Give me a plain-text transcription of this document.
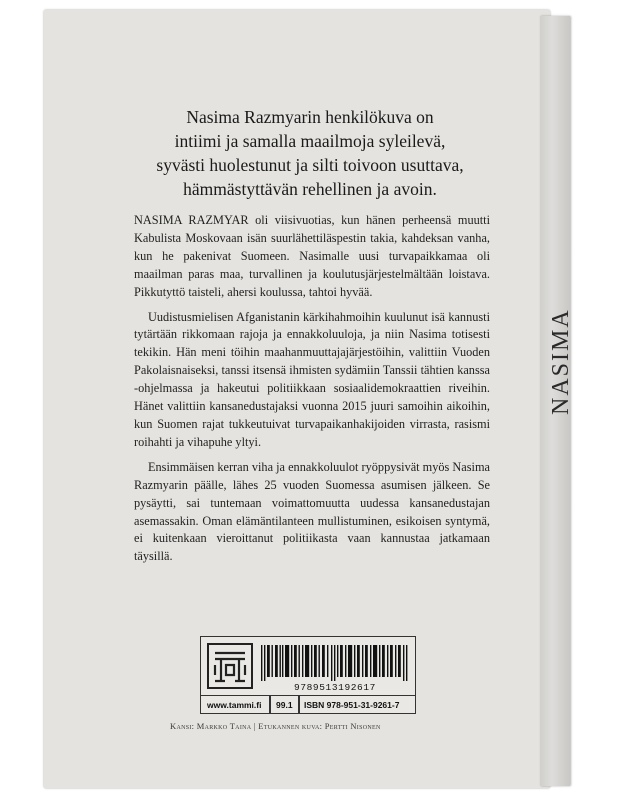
NASIMA
Nasima Razmyarin henkilökuva on
intiimi ja samalla maailmoja syleilevä,
syvästi huolestunut ja silti toivoon usuttava,
hämmästyttävän rehellinen ja avoin.

NASIMA RAZMYAR oli viisivuotias, kun hänen perheensä muutti Kabulista Moskovaan isän suurlähettiläspestin takia, kahdeksan vanha, kun he pakenivat Suomeen. Nasimalle uusi turvapaikkamaa oli maailman paras maa, turvallinen ja koulutusjärjestelmältään loistava. Pikkutyttö taisteli, ahersi koulussa, tahtoi hyvää.

Uudistusmielisen Afganistanin kärkihahmoihin kuulunut isä kannusti tytärtään rikkomaan rajoja ja ennakkoluuloja, ja niin Nasima totisesti tekikin. Hän meni töihin maahanmuuttajajärjestöihin, valittiin Vuoden Pakolaisnaiseksi, tanssi itsensä ihmisten sydämiin Tanssii tähtien kanssa -ohjelmassa ja hakeutui politiikkaan sosiaalidemokraattien riveihin. Hänet valittiin kansanedustajaksi vuonna 2015 juuri samoihin aikoihin, kun Suomen rajat tukkeutuivat turvapaikanhakijoiden virrasta, rasismi roihahti ja vihapuhe yltyi.

Ensimmäisen kerran viha ja ennakkoluulot ryöppysivät myös Nasima Razmyarin päälle, lähes 25 vuoden Suomessa asumisen jälkeen. Se pysäytti, sai tuntemaan voimattomuutta uudessa kansanedustajan asemassakin. Oman elämäntilanteen mullistuminen, esikoisen syntymä, ei kuitenkaan vieroittanut politiikasta vaan kannustaa jatkamaan täysillä.

9789513192617
www.tammi.fi 99.1 ISBN 978-951-31-9261-7
Kansi: Markko Taina | Etukannen kuva: Pertti Nisonen
